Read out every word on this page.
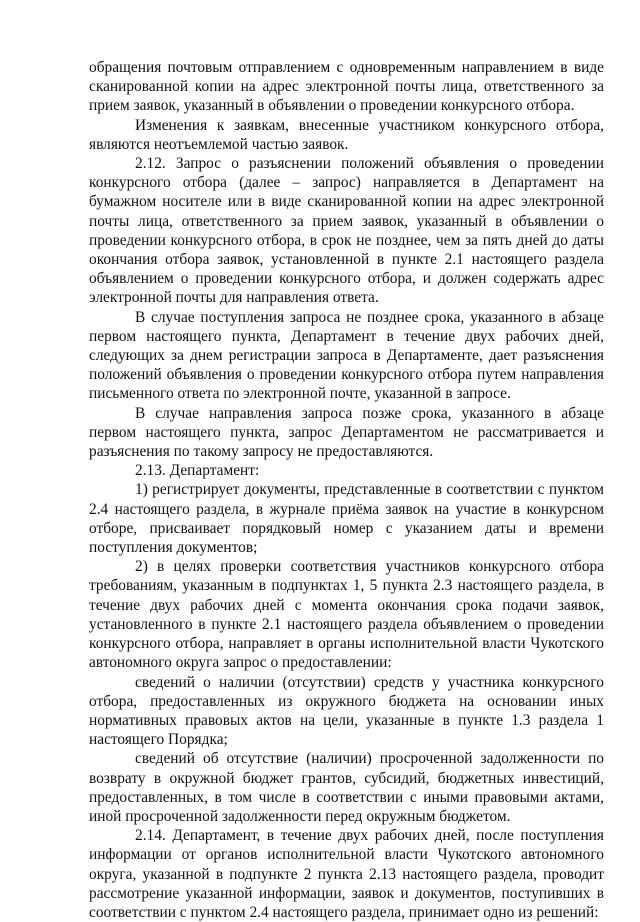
обращения почтовым отправлением с одновременным направлением в виде сканированной копии на адрес электронной почты лица, ответственного за прием заявок, указанный в объявлении о проведении конкурсного отбора.

Изменения к заявкам, внесенные участником конкурсного отбора, являются неотъемлемой частью заявок.

2.12. Запрос о разъяснении положений объявления о проведении конкурсного отбора (далее – запрос) направляется в Департамент на бумажном носителе или в виде сканированной копии на адрес электронной почты лица, ответственного за прием заявок, указанный в объявлении о проведении конкурсного отбора, в срок не позднее, чем за пять дней до даты окончания отбора заявок, установленной в пункте 2.1 настоящего раздела объявлением о проведении конкурсного отбора, и должен содержать адрес электронной почты для направления ответа.

В случае поступления запроса не позднее срока, указанного в абзаце первом настоящего пункта, Департамент в течение двух рабочих дней, следующих за днем регистрации запроса в Департаменте, дает разъяснения положений объявления о проведении конкурсного отбора путем направления письменного ответа по электронной почте, указанной в запросе.

В случае направления запроса позже срока, указанного в абзаце первом настоящего пункта, запрос Департаментом не рассматривается и разъяснения по такому запросу не предоставляются.

2.13. Департамент:

1) регистрирует документы, представленные в соответствии с пунктом 2.4 настоящего раздела, в журнале приёма заявок на участие в конкурсном отборе, присваивает порядковый номер с указанием даты и времени поступления документов;

2) в целях проверки соответствия участников конкурсного отбора требованиям, указанным в подпунктах 1, 5 пункта 2.3 настоящего раздела, в течение двух рабочих дней с момента окончания срока подачи заявок, установленного в пункте 2.1 настоящего раздела объявлением о проведении конкурсного отбора, направляет в органы исполнительной власти Чукотского автономного округа запрос о предоставлении:

сведений о наличии (отсутствии) средств у участника конкурсного отбора, предоставленных из окружного бюджета на основании иных нормативных правовых актов на цели, указанные в пункте 1.3 раздела 1 настоящего Порядка;

сведений об отсутствие (наличии) просроченной задолженности по возврату в окружной бюджет грантов, субсидий, бюджетных инвестиций, предоставленных, в том числе в соответствии с иными правовыми актами, иной просроченной задолженности перед окружным бюджетом.

2.14. Департамент, в течение двух рабочих дней, после поступления информации от органов исполнительной власти Чукотского автономного округа, указанной в подпункте 2 пункта 2.13 настоящего раздела, проводит рассмотрение указанной информации, заявок и документов, поступивших в соответствии с пунктом 2.4 настоящего раздела, принимает одно из решений:
